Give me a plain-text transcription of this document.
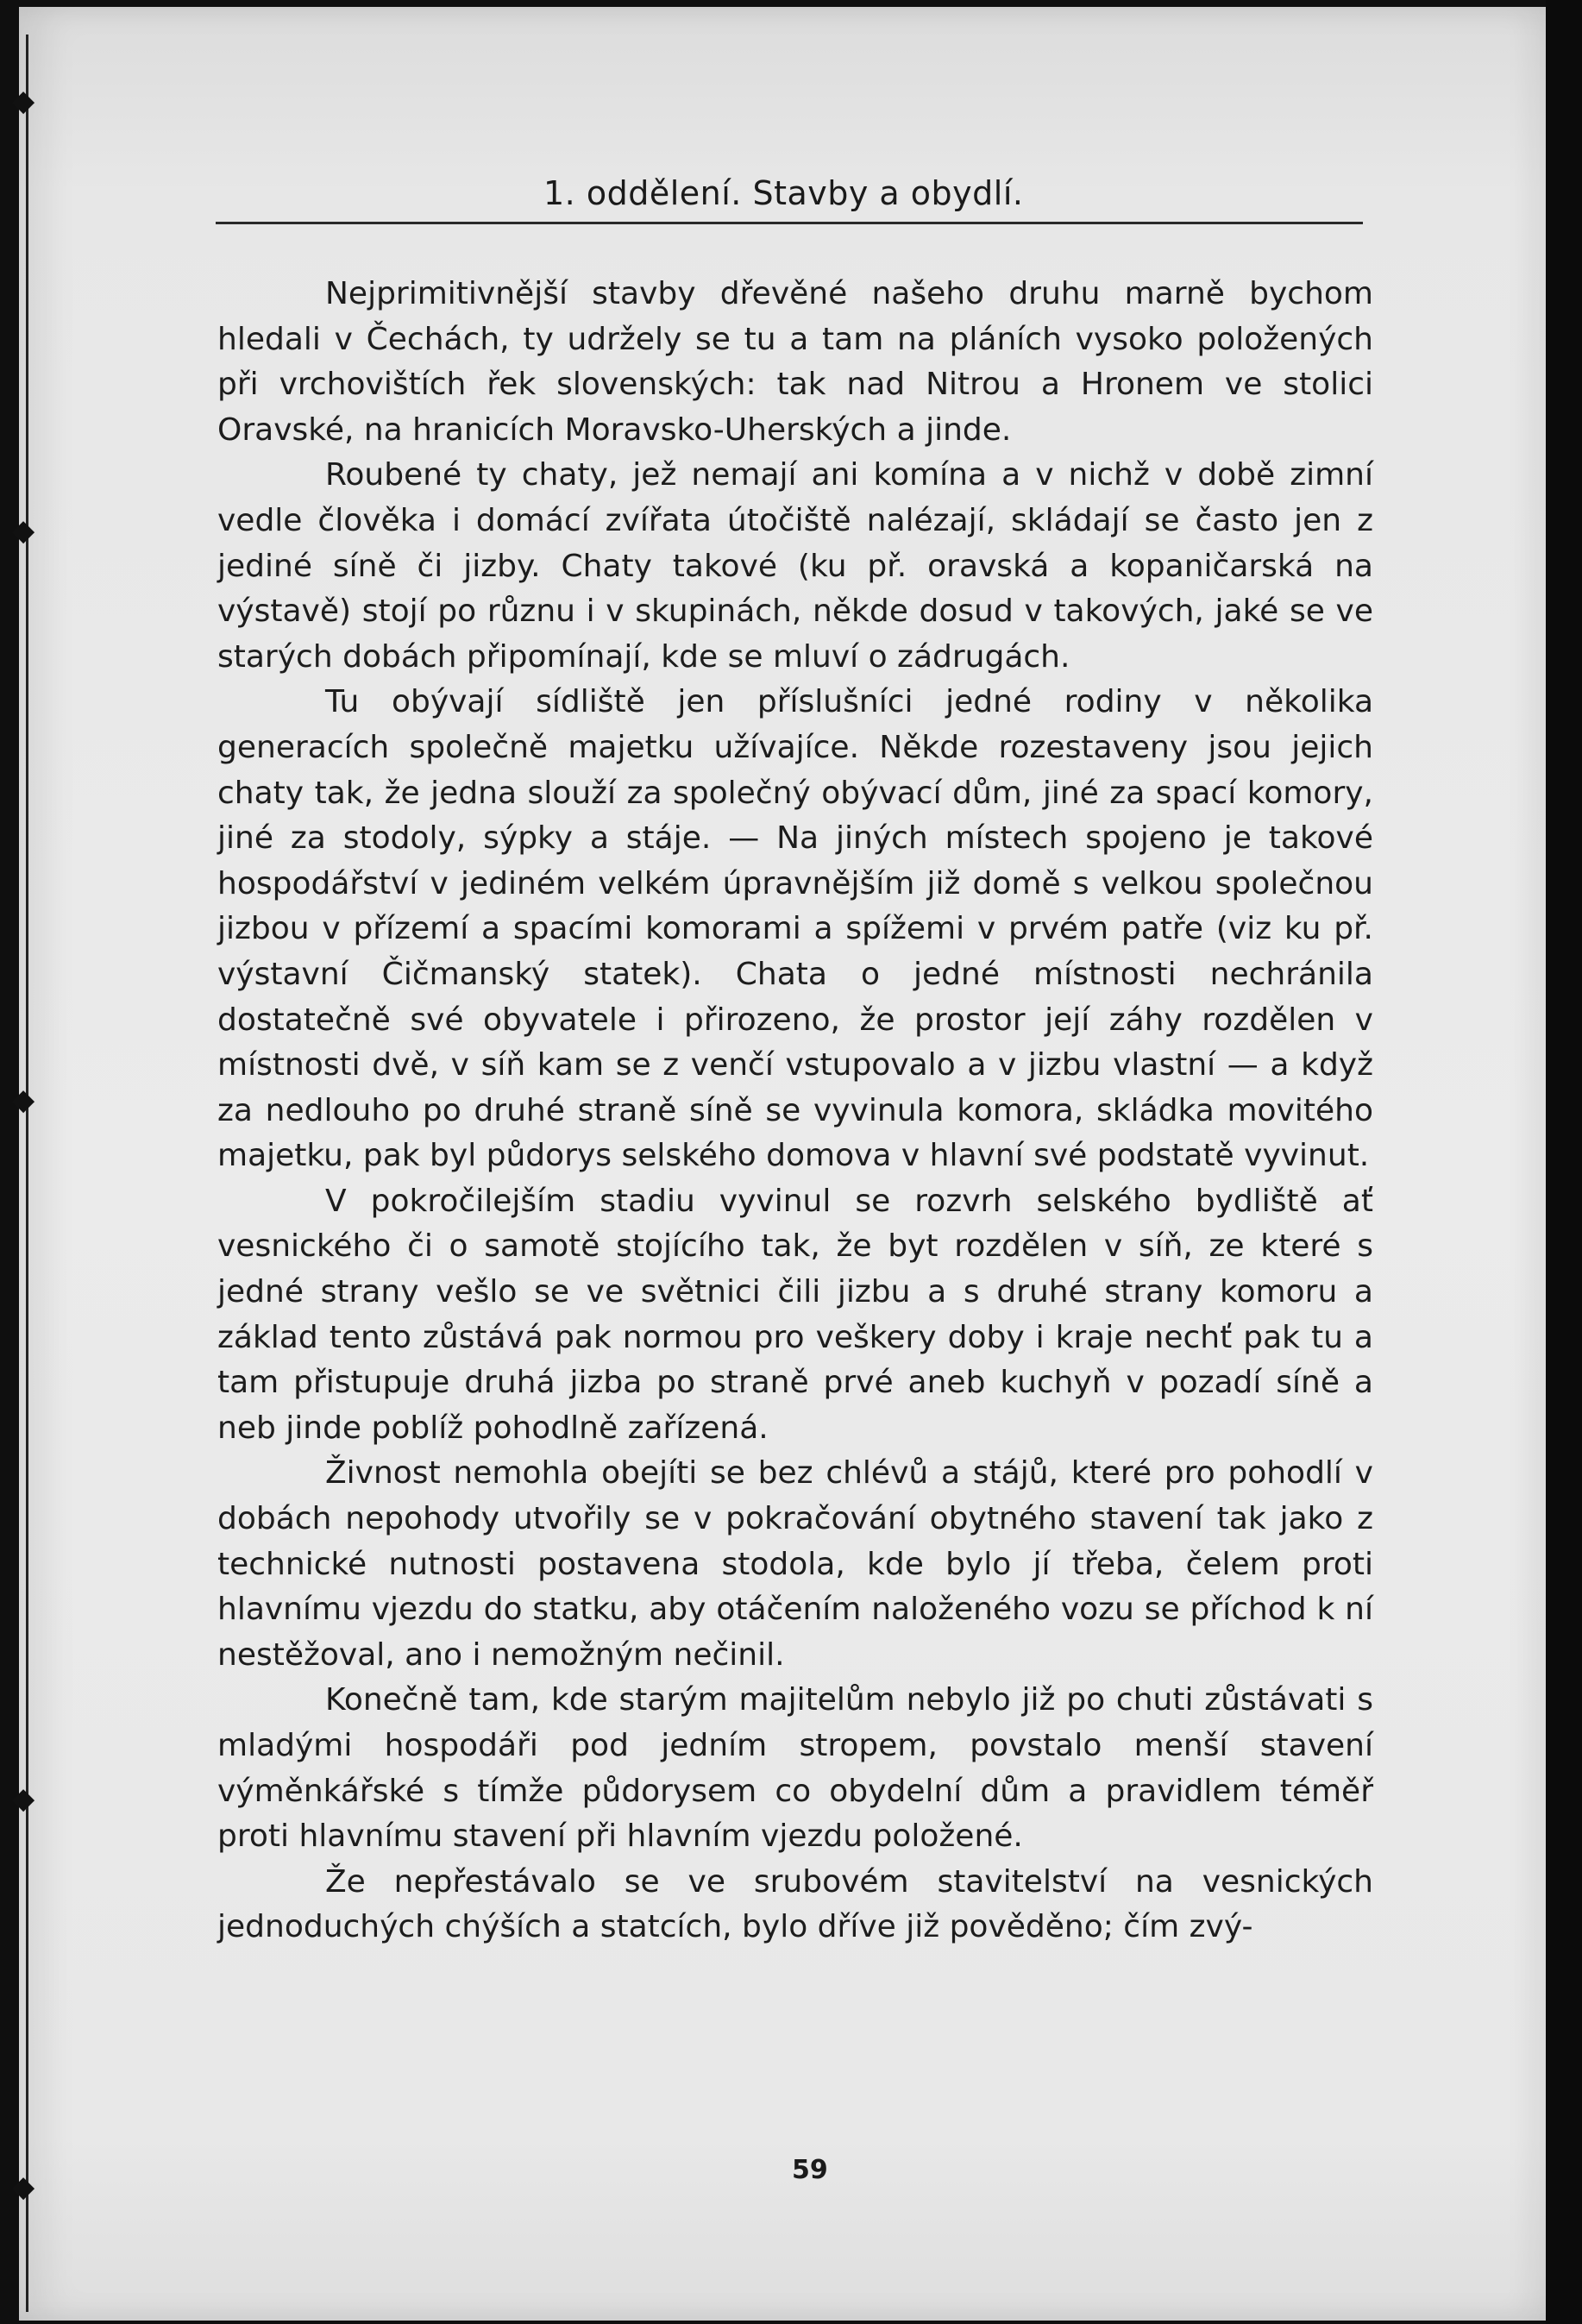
◆
◆
◆
◆
◆
1. oddělení. Stavby a obydlí.

Nejprimitivnější stavby dřevěné našeho druhu marně bychom hledali v Čechách, ty udržely se tu a tam na pláních vysoko položených při vrchovištích řek slovenských: tak nad Nitrou a Hronem ve stolici Oravské, na hranicích Moravsko-Uherských a jinde.

Roubené ty chaty, jež nemají ani komína a v nichž v době zimní vedle člověka i domácí zvířata útočiště nalézají, skládají se často jen z jediné síně či jizby. Chaty takové (ku př. oravská a kopaničarská na výstavě) stojí po různu i v skupinách, někde dosud v takových, jaké se ve starých dobách připomínají, kde se mluví o zádrugách.

Tu obývají sídliště jen příslušníci jedné rodiny v několika generacích společně majetku užívajíce. Někde rozestaveny jsou jejich chaty tak, že jedna slouží za společný obývací dům, jiné za spací komory, jiné za stodoly, sýpky a stáje. — Na jiných místech spojeno je takové hospodářství v jediném velkém úpravnějším již domě s velkou společnou jizbou v přízemí a spacími komorami a spížemi v prvém patře (viz ku př. výstavní Čičmanský statek). Chata o jedné místnosti nechránila dostatečně své obyvatele i přirozeno, že prostor její záhy rozdělen v místnosti dvě, v síň kam se z venčí vstupovalo a v jizbu vlastní — a když za nedlouho po druhé straně síně se vyvinula komora, skládka movitého majetku, pak byl půdorys selského domova v hlavní své podstatě vyvinut.

V pokročilejším stadiu vyvinul se rozvrh selského bydliště ať vesnického či o samotě stojícího tak, že byt rozdělen v síň, ze které s jedné strany vešlo se ve světnici čili jizbu a s druhé strany komoru a základ tento zůstává pak normou pro veškery doby i kraje nechť pak tu a tam přistupuje druhá jizba po straně prvé aneb kuchyň v pozadí síně a neb jinde poblíž pohodlně zařízená.

Živnost nemohla obejíti se bez chlévů a stájů, které pro pohodlí v dobách nepohody utvořily se v pokračování obytného stavení tak jako z technické nutnosti postavena stodola, kde bylo jí třeba, čelem proti hlavnímu vjezdu do statku, aby otáčením naloženého vozu se příchod k ní nestěžoval, ano i nemožným nečinil.

Konečně tam, kde starým majitelům nebylo již po chuti zůstávati s mladými hospodáři pod jedním stropem, povstalo menší stavení výměnkářské s tímže půdorysem co obydelní dům a pravidlem téměř proti hlavnímu stavení při hlavním vjezdu položené.

Že nepřestávalo se ve srubovém stavitelství na vesnických jednoduchých chýších a statcích, bylo dříve již pověděno; čím zvý-

59
